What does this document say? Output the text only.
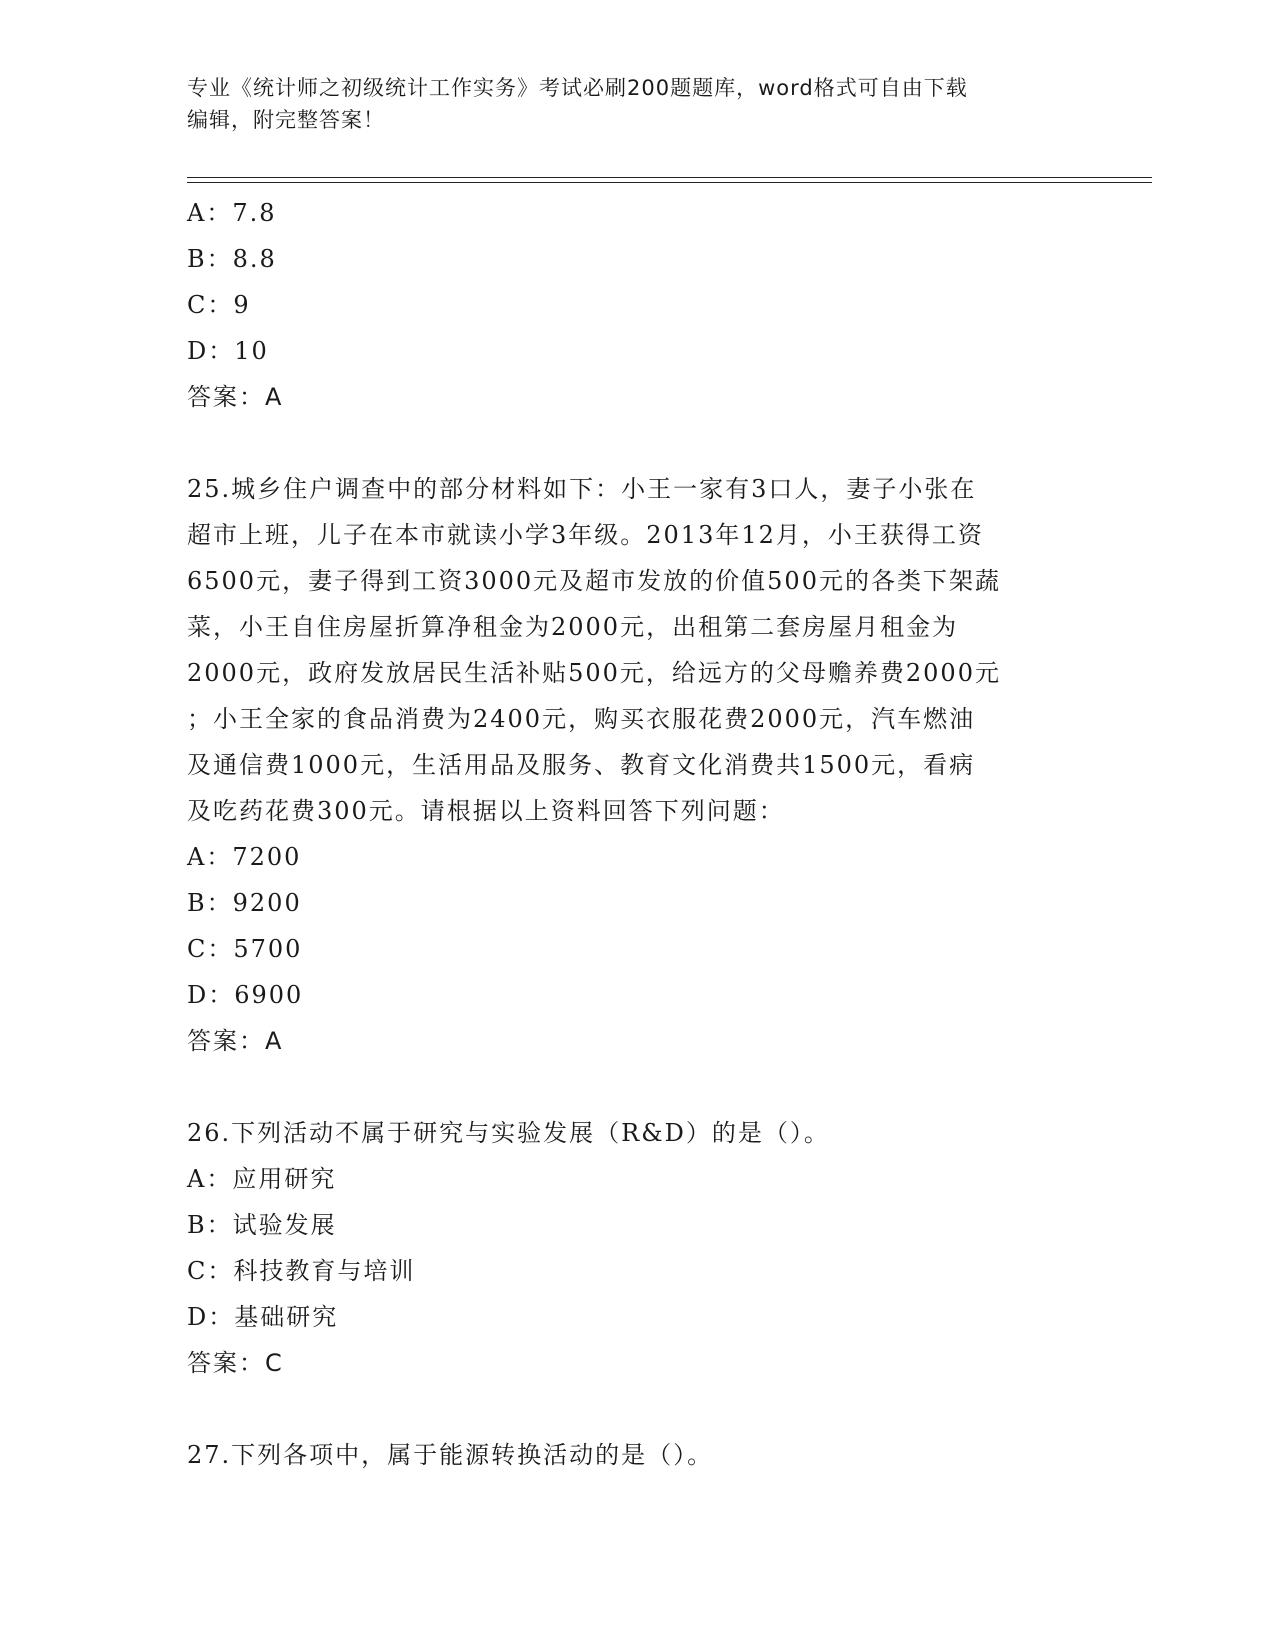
专业《统计师之初级统计工作实务》考试必刷200题题库，word格式可自由下载
编辑，附完整答案！
A：7.8
B：8.8
C：9
D：10
答案：A
25.城乡住户调查中的部分材料如下：小王一家有3口人，妻子小张在
超市上班，儿子在本市就读小学3年级。2013年12月，小王获得工资
6500元，妻子得到工资3000元及超市发放的价值500元的各类下架蔬
菜，小王自住房屋折算净租金为2000元，出租第二套房屋月租金为
2000元，政府发放居民生活补贴500元，给远方的父母赡养费2000元
；小王全家的食品消费为2400元，购买衣服花费2000元，汽车燃油
及通信费1000元，生活用品及服务、教育文化消费共1500元，看病
及吃药花费300元。请根据以上资料回答下列问题：
A：7200
B：9200
C：5700
D：6900
答案：A
26.下列活动不属于研究与实验发展（R&D）的是（）。
A：应用研究
B：试验发展
C：科技教育与培训
D：基础研究
答案：C
27.下列各项中，属于能源转换活动的是（）。
